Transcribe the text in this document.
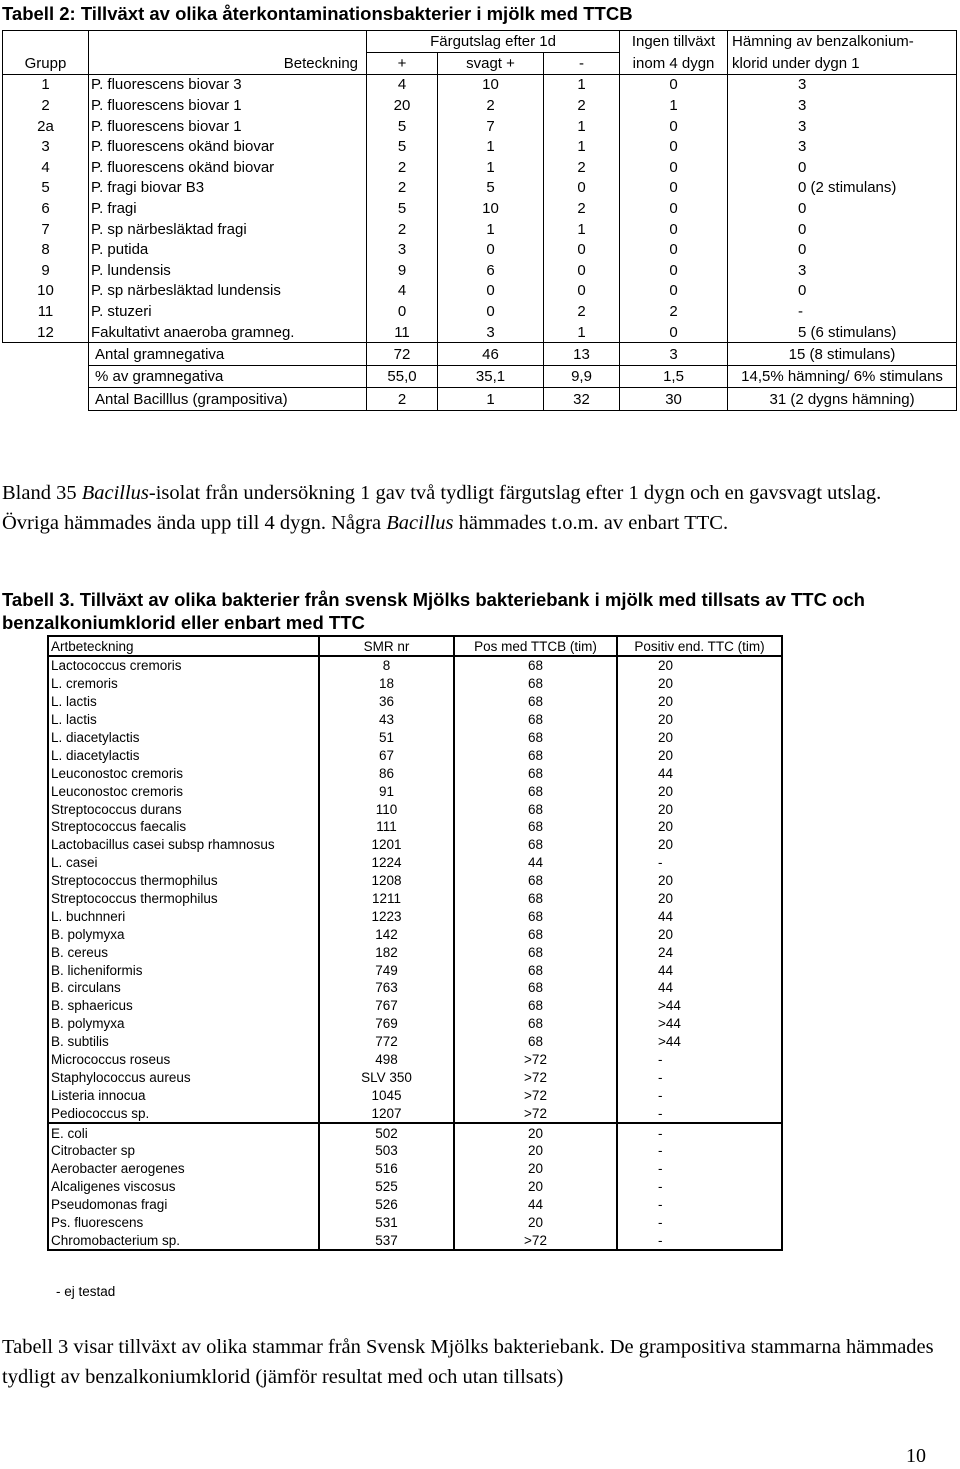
Tabell 2: Tillväxt av olika återkontaminationsbakterier i mjölk med TTCB
		Färgutslag efter 1d			Ingen tillväxt	Hämning av benzalkonium-
Grupp	Beteckning	+	svagt +	-	inom 4 dygn	klorid under dygn 1
1	P. fluorescens biovar 3	4	10	1	0	3
2	P. fluorescens biovar 1	20	2	2	1	3
2a	P. fluorescens biovar 1	5	7	1	0	3
3	P. fluorescens okänd biovar	5	1	1	0	3
4	P. fluorescens okänd biovar	2	1	2	0	0
5	P. fragi biovar B3	2	5	0	0	0 (2 stimulans)
6	P. fragi	5	10	2	0	0
7	P. sp närbesläktad fragi	2	1	1	0	0
8	P. putida	3	0	0	0	0
9	P. lundensis	9	6	0	0	3
10	P. sp närbesläktad lundensis	4	0	0	0	0
11	P. stuzeri	0	0	2	2	-
12	Fakultativt anaeroba gramneg.	11	3	1	0	5 (6 stimulans)
	Antal gramnegativa	72	46	13	3	15 (8 stimulans)
	% av gramnegativa	55,0	35,1	9,9	1,5	14,5% hämning/ 6% stimulans
	Antal Bacilllus (grampositiva)	2	1	32	30	31 (2 dygns hämning)
Bland 35 Bacillus-isolat från undersökning 1 gav två tydligt färgutslag efter 1 dygn och en gavsvagt utslag. Övriga hämmades ända upp till 4 dygn. Några Bacillus hämmades t.o.m. av enbart TTC.
Tabell 3. Tillväxt av olika bakterier från svensk Mjölks bakteriebank i mjölk med tillsats av TTC och benzalkoniumklorid eller enbart med TTC
Artbeteckning	SMR nr	Pos med TTCB (tim)	Positiv end. TTC (tim)
Lactococcus cremoris	8	68	20
L. cremoris	18	68	20
L. lactis	36	68	20
L. lactis	43	68	20
L. diacetylactis	51	68	20
L. diacetylactis	67	68	20
Leuconostoc cremoris	86	68	44
Leuconostoc cremoris	91	68	20
Streptococcus durans	110	68	20
Streptococcus faecalis	111	68	20
Lactobacillus casei subsp rhamnosus	1201	68	20
L. casei	1224	44	-
Streptococcus thermophilus	1208	68	20
Streptococcus thermophilus	1211	68	20
L. buchnneri	1223	68	44
B. polymyxa	142	68	20
B. cereus	182	68	24
B. licheniformis	749	68	44
B. circulans	763	68	44
B. sphaericus	767	68	>44
B. polymyxa	769	68	>44
B. subtilis	772	68	>44
Micrococcus roseus	498	>72	-
Staphylococcus aureus	SLV 350	>72	-
Listeria innocua	1045	>72	-
Pediococcus sp.	1207	>72	-
E. coli	502	20	-
Citrobacter sp	503	20	-
Aerobacter aerogenes	516	20	-
Alcaligenes viscosus	525	20	-
Pseudomonas fragi	526	44	-
Ps. fluorescens	531	20	-
Chromobacterium sp.	537	>72	-
- ej testad
Tabell 3 visar tillväxt av olika stammar från Svensk Mjölks bakteriebank. De grampositiva stammarna hämmades tydligt av benzalkoniumklorid (jämför resultat med och utan tillsats)
10
